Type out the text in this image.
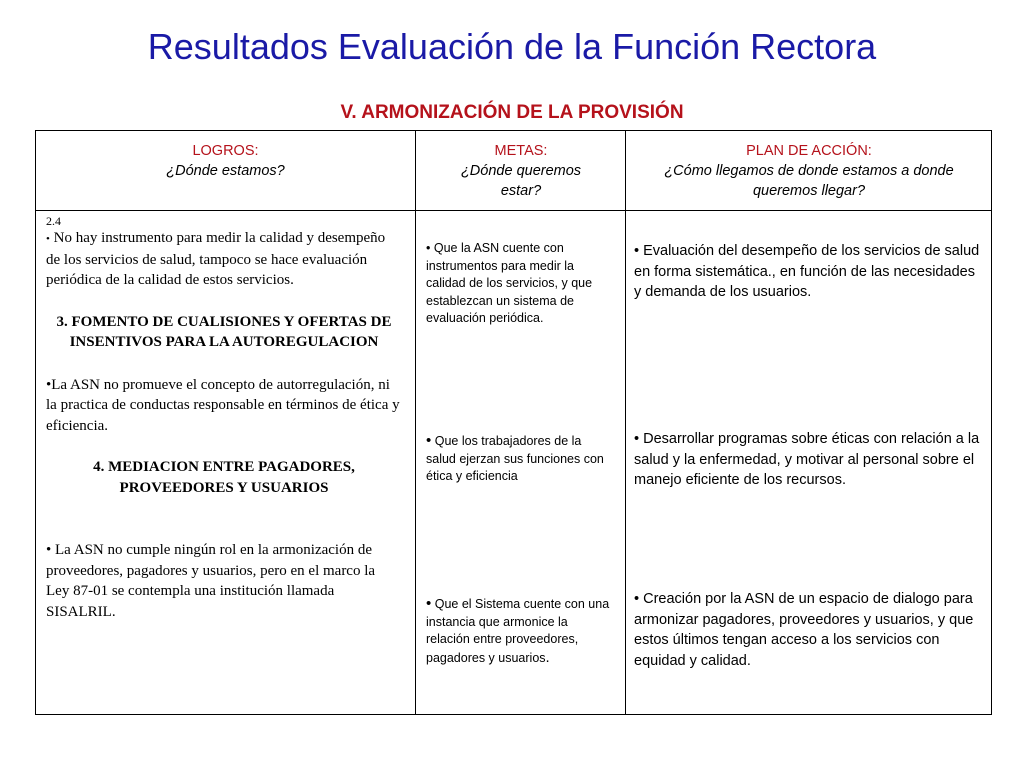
Resultados Evaluación de la Función Rectora
V. ARMONIZACIÓN DE LA PROVISIÓN
LOGROS:
¿Dónde estamos?
METAS:
¿Dónde queremos estar?
PLAN DE ACCIÓN:
¿Cómo llegamos de donde estamos a donde queremos llegar?
2.4

• No hay instrumento para medir la calidad y desempeño de los servicios de salud, tampoco se hace evaluación periódica de la calidad de estos servicios.

3. FOMENTO DE CUALISIONES Y OFERTAS DE INSENTIVOS PARA LA AUTOREGULACION

•La ASN no promueve el concepto de autorregulación, ni la practica de conductas responsable en términos de ética y eficiencia.

4. MEDIACION ENTRE PAGADORES, PROVEEDORES Y USUARIOS

• La ASN no cumple ningún rol en la armonización de proveedores, pagadores y usuarios, pero en el marco la Ley 87-01 se contempla una institución llamada SISALRIL.

• Que la ASN cuente con instrumentos para medir la calidad de los servicios, y que establezcan un sistema de evaluación periódica.
• Que los trabajadores de la salud ejerzan sus funciones con ética y eficiencia
• Que el Sistema cuente con una instancia que armonice la relación entre proveedores, pagadores y usuarios.
• Evaluación del desempeño de los servicios de salud en forma sistemática., en función de las necesidades y demanda de los usuarios.
• Desarrollar programas sobre éticas con relación a la salud y la enfermedad, y motivar al personal sobre el manejo eficiente de los recursos.
• Creación por la ASN de un espacio de dialogo para armonizar pagadores, proveedores y usuarios, y que estos últimos tengan acceso a los servicios con equidad y calidad.
